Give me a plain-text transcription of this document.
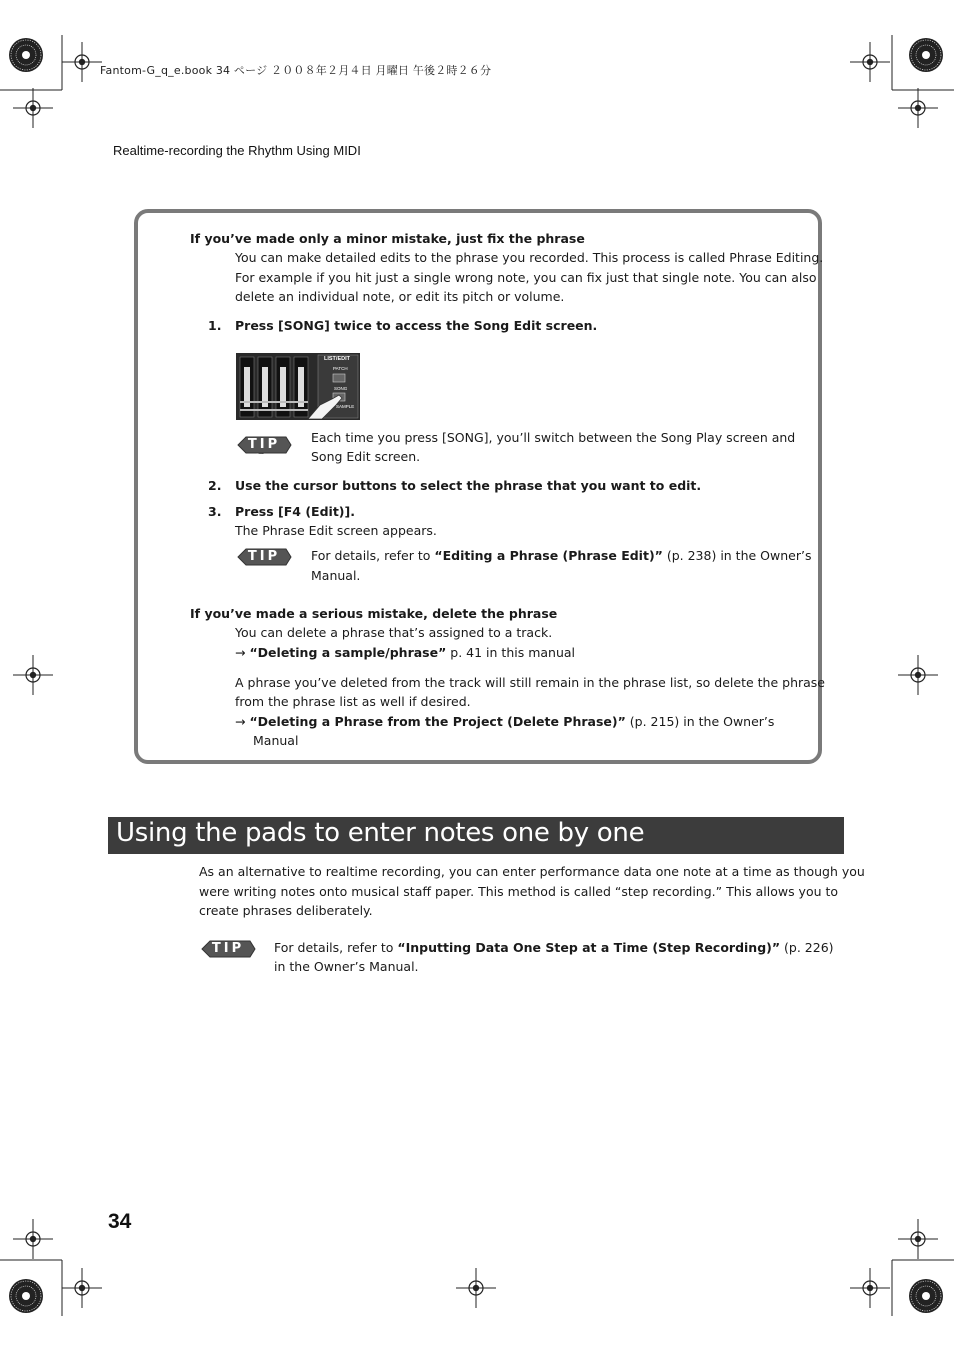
Fantom-G_q_e.book 34 ページ ２００８年２月４日 月曜日 午後２時２６分
Realtime-recording the Rhythm Using MIDI
If you’ve made only a minor mistake, just fix the phrase
You can make detailed edits to the phrase you recorded. This process is called Phrase Editing.
For example if you hit just a single wrong note, you can fix just that single note. You can also
delete an individual note, or edit its pitch or volume.
1. Press [SONG] twice to access the Song Edit screen.
LIST/EDIT
PATCH
SONG
SAMPLE
TIP	Each time you press [SONG], you’ll switch between the Song Play screen and
Song Edit screen.
2. Use the cursor buttons to select the phrase that you want to edit.
3. Press [F4 (Edit)].
The Phrase Edit screen appears.
TIP	For details, refer to “Editing a Phrase (Phrase Edit)” (p. 238) in the Owner’s
Manual.
If you’ve made a serious mistake, delete the phrase
You can delete a phrase that’s assigned to a track.
→ “Deleting a sample/phrase” p. 41 in this manual
A phrase you’ve deleted from the track will still remain in the phrase list, so delete the phrase
from the phrase list as well if desired.
→ “Deleting a Phrase from the Project (Delete Phrase)” (p. 215) in the Owner’s
Manual
Using the pads to enter notes one by one
As an alternative to realtime recording, you can enter performance data one note at a time as though you
were writing notes onto musical staff paper. This method is called “step recording.” This allows you to
create phrases deliberately.
TIP	For details, refer to “Inputting Data One Step at a Time (Step Recording)” (p. 226)
in the Owner’s Manual.
34
